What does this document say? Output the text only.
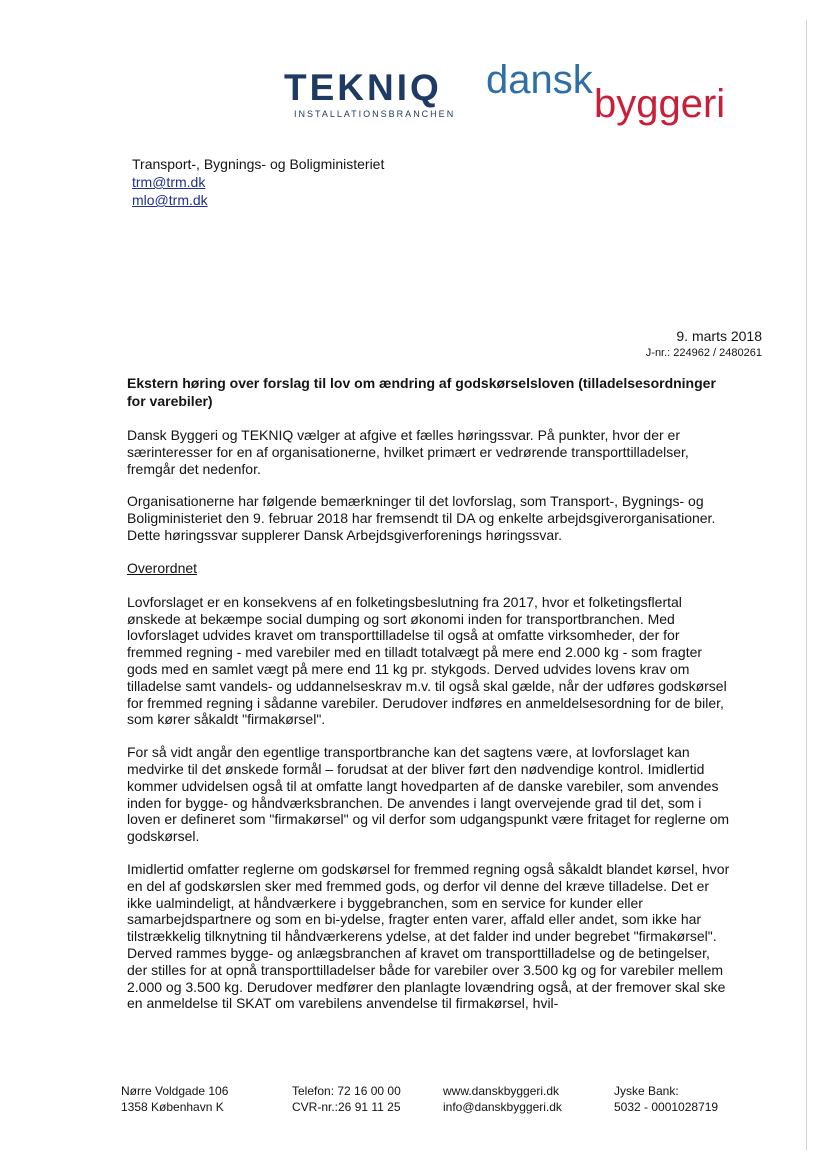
TEKNIQ
INSTALLATIONSBRANCHEN
dansk
byggeri
Transport-, Bygnings- og Boligministeriet
trm@trm.dk
mlo@trm.dk
9. marts 2018
J-nr.: 224962 / 2480261

Ekstern høring over forslag til lov om ændring af godskørselsloven (tilladelsesordninger for varebiler)

Dansk Byggeri og TEKNIQ vælger at afgive et fælles høringssvar. På punkter, hvor der er særinteresser for en af organisationerne, hvilket primært er vedrørende transporttilladelser, fremgår det nedenfor.

Organisationerne har følgende bemærkninger til det lovforslag, som Transport-, Bygnings- og Boligministeriet den 9. februar 2018 har fremsendt til DA og enkelte arbejdsgiverorganisationer. Dette høringssvar supplerer Dansk Arbejdsgiverforenings høringssvar.

Overordnet

Lovforslaget er en konsekvens af en folketingsbeslutning fra 2017, hvor et folketingsflertal ønskede at bekæmpe social dumping og sort økonomi inden for transportbranchen. Med lovforslaget udvides kravet om transporttilladelse til også at omfatte virksomheder, der for fremmed regning - med varebiler med en tilladt totalvægt på mere end 2.000 kg - som fragter gods med en samlet vægt på mere end 11 kg pr. stykgods. Derved udvides lovens krav om tilladelse samt vandels- og uddannelseskrav m.v. til også skal gælde, når der udføres godskørsel for fremmed regning i sådanne varebiler. Derudover indføres en anmeldelsesordning for de biler, som kører såkaldt "firmakørsel".

For så vidt angår den egentlige transportbranche kan det sagtens være, at lovforslaget kan medvirke til det ønskede formål – forudsat at der bliver ført den nødvendige kontrol. Imidlertid kommer udvidelsen også til at omfatte langt hovedparten af de danske varebiler, som anvendes inden for bygge- og håndværksbranchen. De anvendes i langt overvejende grad til det, som i loven er defineret som "firmakørsel" og vil derfor som udgangspunkt være fritaget for reglerne om godskørsel.

Imidlertid omfatter reglerne om godskørsel for fremmed regning også såkaldt blandet kørsel, hvor en del af godskørslen sker med fremmed gods, og derfor vil denne del kræve tilladelse. Det er ikke ualmindeligt, at håndværkere i byggebranchen, som en service for kunder eller samarbejdspartnere og som en bi-ydelse, fragter enten varer, affald eller andet, som ikke har tilstrækkelig tilknytning til håndværkerens ydelse, at det falder ind under begrebet "firmakørsel". Derved rammes bygge- og anlægsbranchen af kravet om transporttilladelse og de betingelser, der stilles for at opnå transporttilladelser både for varebiler over 3.500 kg og for varebiler mellem 2.000 og 3.500 kg. Derudover medfører den planlagte lovændring også, at der fremover skal ske en anmeldelse til SKAT om varebilens anvendelse til firmakørsel, hvil-

Nørre Voldgade 106
1358 København K
Telefon: 72 16 00 00
CVR-nr.:26 91 11 25
www.danskbyggeri.dk
info@danskbyggeri.dk
Jyske Bank:
5032 - 0001028719
